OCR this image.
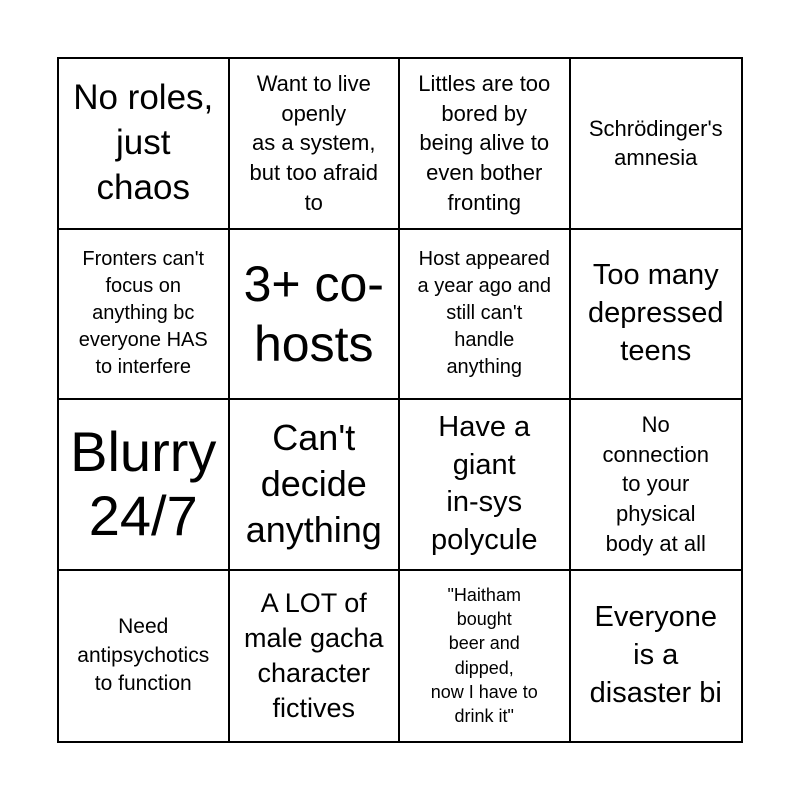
No roles,
just
chaos
Want to live
openly
as a system,
but too afraid
to
Littles are too
bored by
being alive to
even bother
fronting
Schrödinger's
amnesia
Fronters can't
focus on
anything bc
everyone HAS
to interfere
3+ co-
hosts
Host appeared
a year ago and
still can't
handle
anything
Too many
depressed
teens
Blurry
24/7
Can't
decide
anything
Have a
giant
in-sys
polycule
No
connection
to your
physical
body at all
Need
antipsychotics
to function
A LOT of
male gacha
character
fictives
"Haitham
bought
beer and
dipped,
now I have to
drink it"
Everyone
is a
disaster bi
